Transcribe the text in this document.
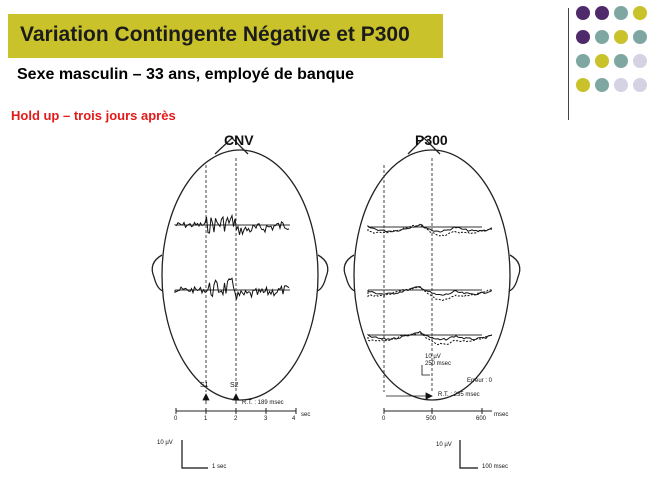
Variation Contingente Négative et P300
Sexe masculin – 33 ans, employé de banque
Hold up – trois jours après
CNV	P300
S1	S2
R.T. : 189 msec
0	1	2	3	4
sec
10 µV
1 sec
Erreur : 0
R.T. : 235 msec
0	500	600
msec
10 µV
250 msec
10 µV
100 msec
